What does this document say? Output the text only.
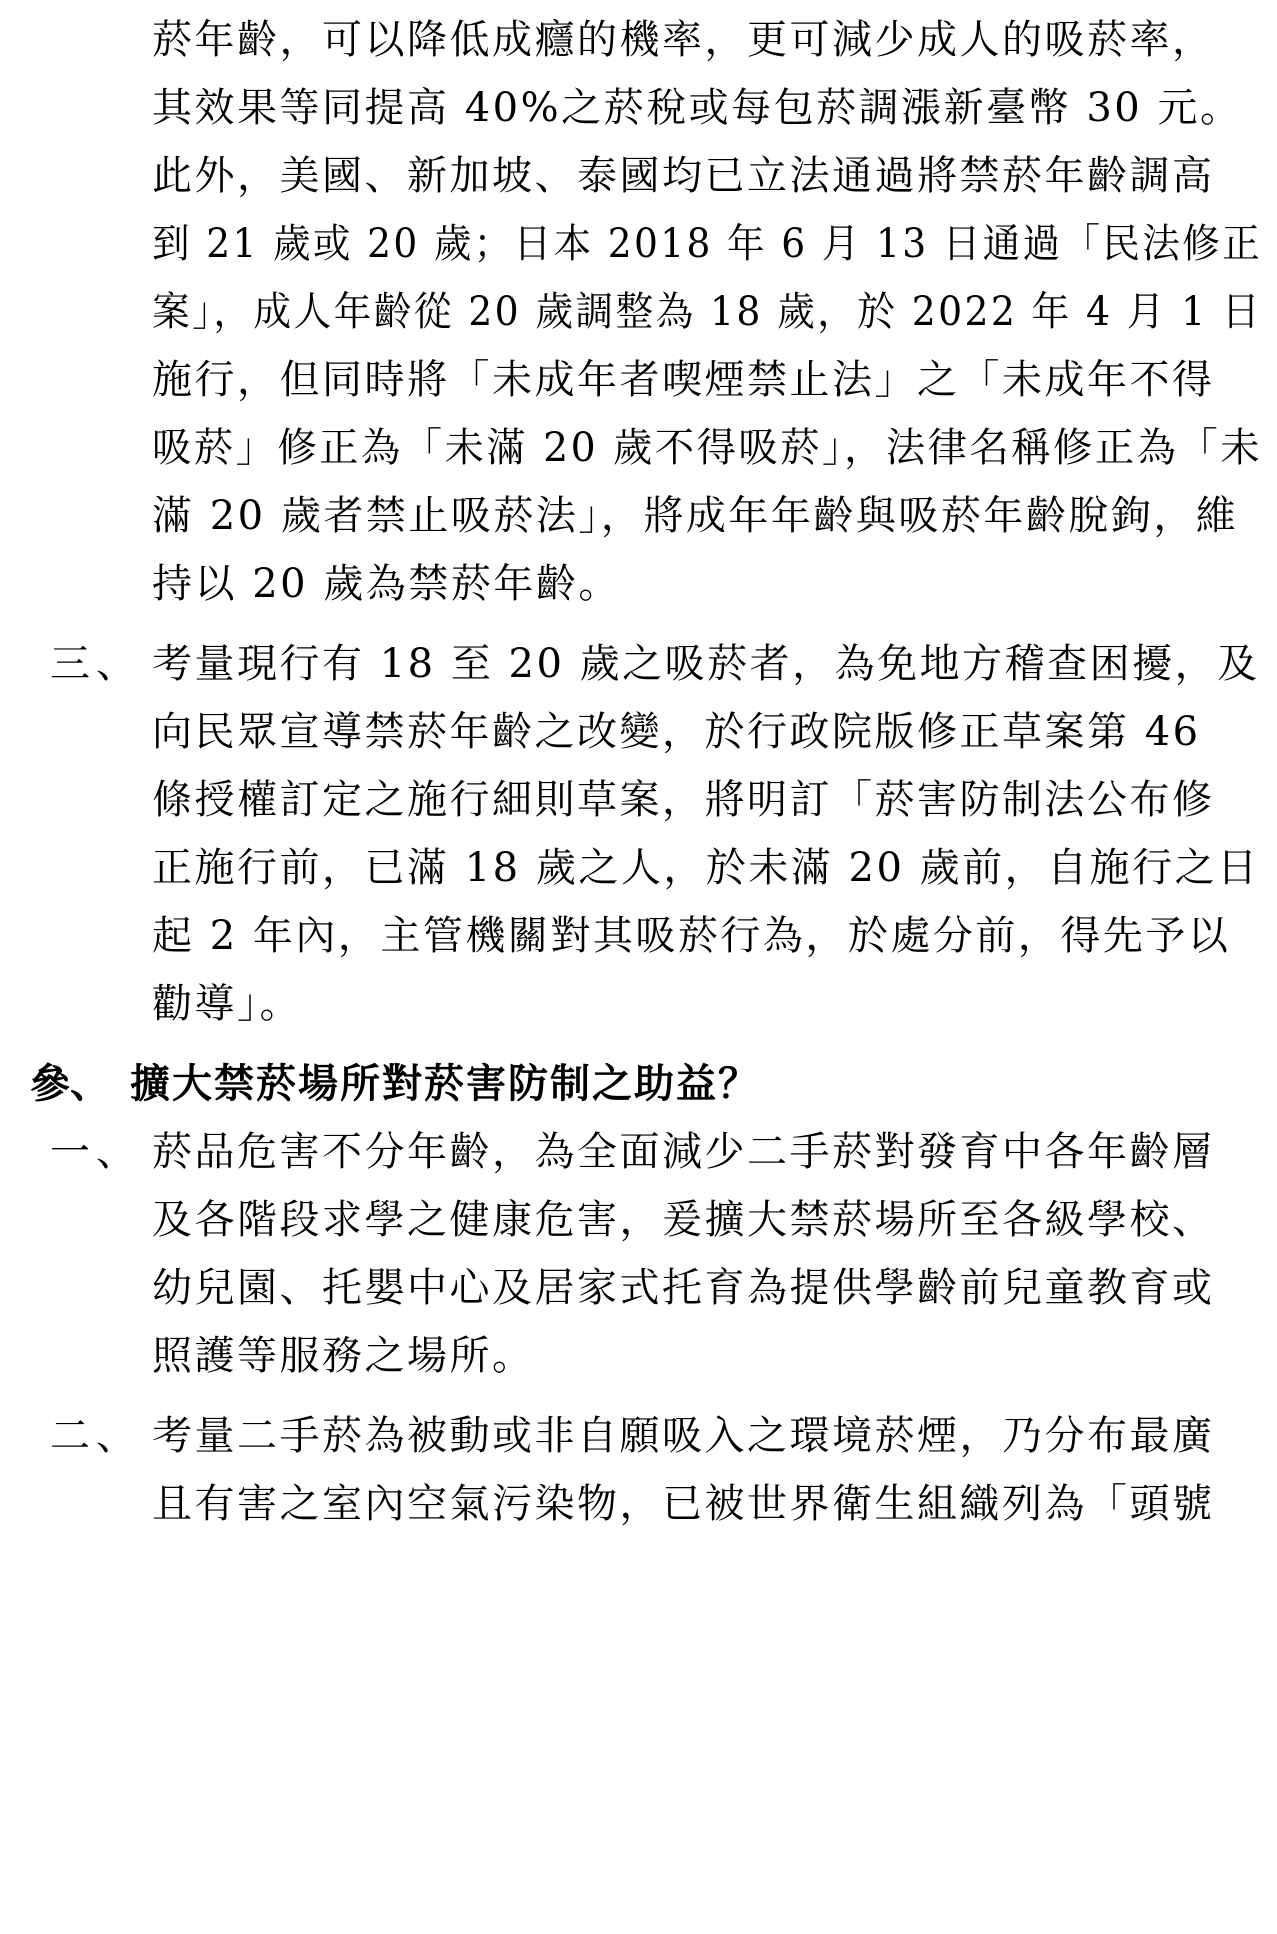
菸年齡，可以降低成癮的機率，更可減少成人的吸菸率，
其效果等同提高 40%之菸稅或每包菸調漲新臺幣 30 元。
此外，美國、新加坡、泰國均已立法通過將禁菸年齡調高
到 21 歲或 20 歲；日本 2018 年 6 月 13 日通過「民法修正
案」，成人年齡從 20 歲調整為 18 歲，於 2022 年 4 月 1 日
施行，但同時將「未成年者喫煙禁止法」之「未成年不得
吸菸」修正為「未滿 20 歲不得吸菸」，法律名稱修正為「未
滿 20 歲者禁止吸菸法」，將成年年齡與吸菸年齡脫鉤，維
持以 20 歲為禁菸年齡。
三、 考量現行有 18 至 20 歲之吸菸者，為免地方稽查困擾，及
向民眾宣導禁菸年齡之改變，於行政院版修正草案第 46
條授權訂定之施行細則草案，將明訂「菸害防制法公布修
正施行前，已滿 18 歲之人，於未滿 20 歲前，自施行之日
起 2 年內，主管機關對其吸菸行為，於處分前，得先予以
勸導」。
參、 擴大禁菸場所對菸害防制之助益？
一、 菸品危害不分年齡，為全面減少二手菸對發育中各年齡層
及各階段求學之健康危害，爰擴大禁菸場所至各級學校、
幼兒園、托嬰中心及居家式托育為提供學齡前兒童教育或
照護等服務之場所。
二、 考量二手菸為被動或非自願吸入之環境菸煙，乃分布最廣
且有害之室內空氣污染物，已被世界衛生組織列為「頭號
